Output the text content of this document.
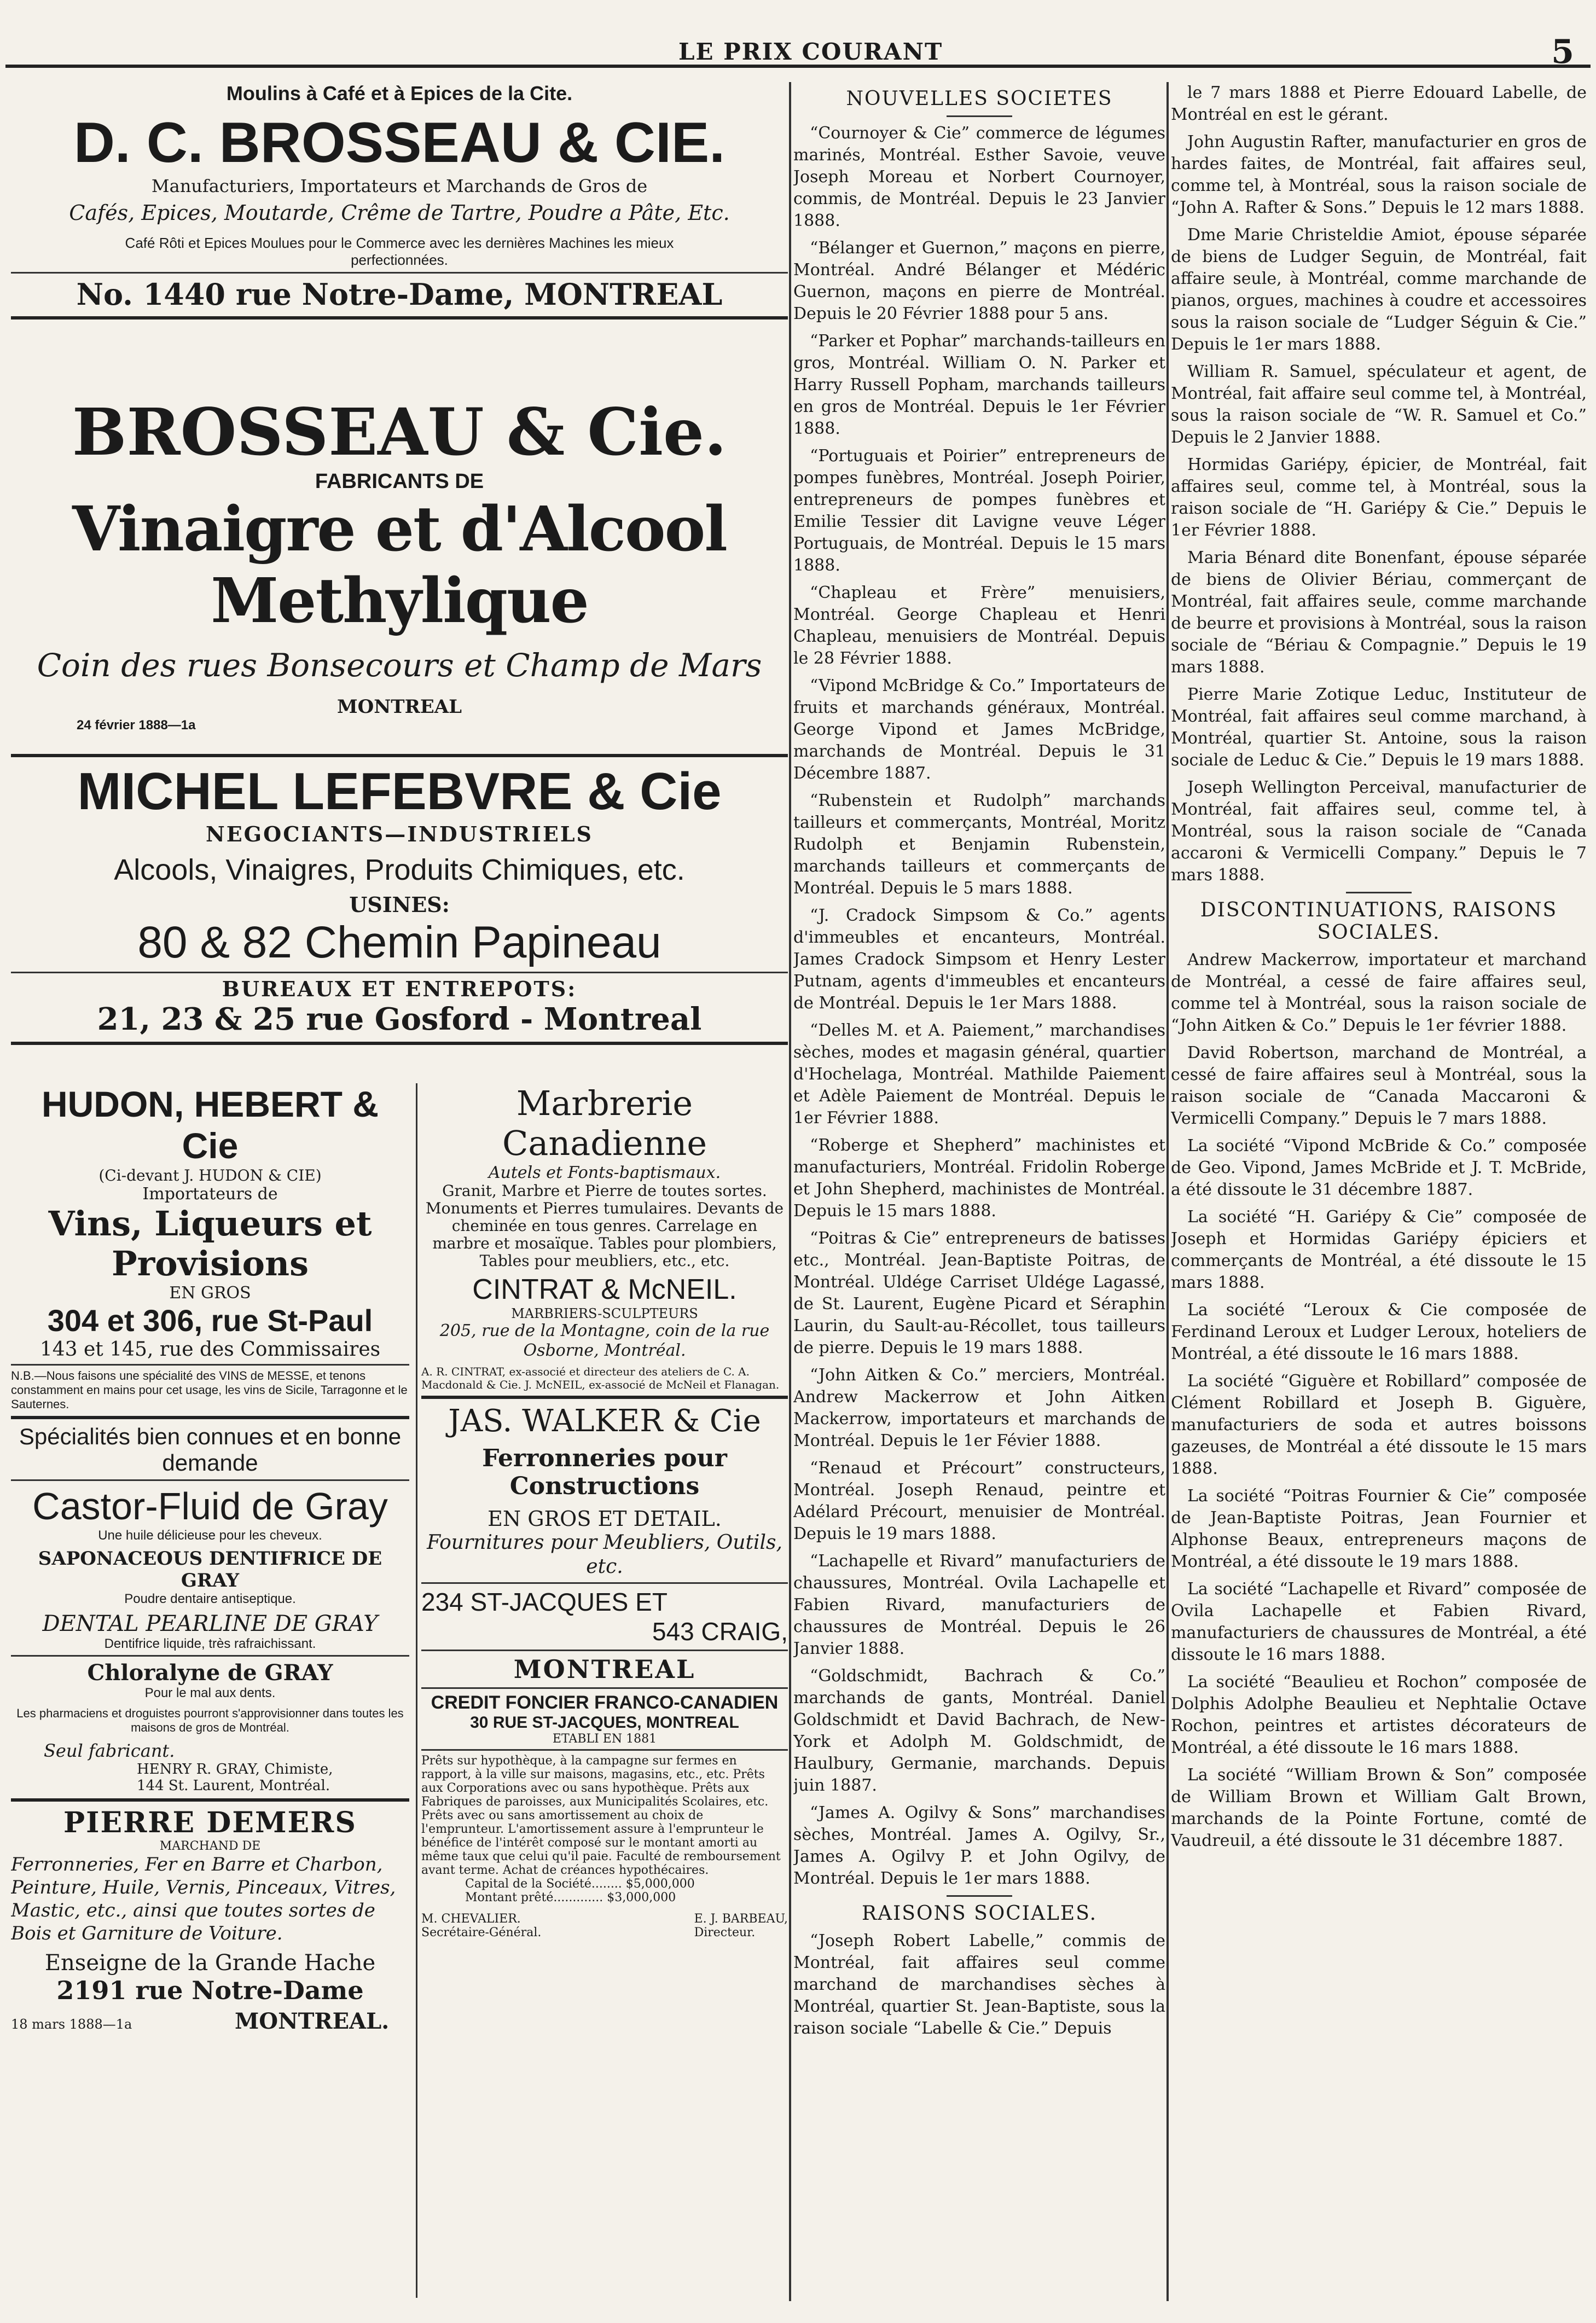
LE PRIX COURANT	5
Moulins à Café et à Epices de la Cite.
D. C. BROSSEAU & CIE.
Manufacturiers, Importateurs et Marchands de Gros de
Cafés, Epices, Moutarde, Crême de Tartre, Poudre a Pâte, Etc.
Café Rôti et Epices Moulues pour le Commerce avec les dernières Machines les mieux perfectionnées.
No. 1440 rue Notre-Dame, MONTREAL
BROSSEAU & Cie.
FABRICANTS DE
Vinaigre et d'Alcool Methylique
Coin des rues Bonsecours et Champ de Mars
MONTREAL
24 février 1888—1a
MICHEL LEFEBVRE & Cie
NEGOCIANTS—INDUSTRIELS
Alcools, Vinaigres, Produits Chimiques, etc.
USINES:
80 & 82 Chemin Papineau
BUREAUX ET ENTREPOTS:
21, 23 & 25 rue Gosford - Montreal
HUDON, HEBERT & Cie
(Ci-devant J. HUDON & CIE)
Importateurs de
Vins, Liqueurs et Provisions
EN GROS
304 et 306, rue St-Paul
143 et 145, rue des Commissaires
N.B.—Nous faisons une spécialité des VINS de MESSE, et tenons constamment en mains pour cet usage, les vins de Sicile, Tarragonne et le Sauternes.
Spécialités bien connues et en bonne demande
Castor-Fluid de Gray
Une huile délicieuse pour les cheveux.
SAPONACEOUS DENTIFRICE DE GRAY
Poudre dentaire antiseptique.
DENTAL PEARLINE DE GRAY
Dentifrice liquide, très rafraichissant.
Chloralyne de GRAY
Pour le mal aux dents.
Les pharmaciens et droguistes pourront s'approvisionner dans toutes les maisons de gros de Montréal.
Seul fabricant.
HENRY R. GRAY, Chimiste,
144 St. Laurent, Montréal.
PIERRE DEMERS
MARCHAND DE
Ferronneries, Fer en Barre et Charbon, Peinture, Huile, Vernis, Pinceaux, Vitres, Mastic, etc., ainsi que toutes sortes de Bois et Garniture de Voiture.
Enseigne de la Grande Hache
2191 rue Notre-Dame
18 mars 1888—1a	MONTREAL.
Marbrerie Canadienne
Autels et Fonts-baptismaux.
Granit, Marbre et Pierre de toutes sortes. Monuments et Pierres tumulaires. Devants de cheminée en tous genres. Carrelage en marbre et mosaïque. Tables pour plombiers, Tables pour meubliers, etc., etc.
CINTRAT & McNEIL.
MARBRIERS-SCULPTEURS
205, rue de la Montagne, coin de la rue Osborne, Montréal.
A. R. CINTRAT, ex-associé et directeur des ateliers de C. A. Macdonald & Cie. J. McNEIL, ex-associé de McNeil et Flanagan.
JAS. WALKER & Cie
Ferronneries pour Constructions
EN GROS ET DETAIL.
Fournitures pour Meubliers, Outils, etc.
234 ST-JACQUES ET
543 CRAIG,
MONTREAL
CREDIT FONCIER FRANCO-CANADIEN
30 RUE ST-JACQUES, MONTREAL
ETABLI EN 1881
Prêts sur hypothèque, à la campagne sur fermes en rapport, à la ville sur maisons, magasins, etc., etc. Prêts aux Corporations avec ou sans hypothèque. Prêts aux Fabriques de paroisses, aux Municipalités Scolaires, etc. Prêts avec ou sans amortissement au choix de l'emprunteur. L'amortissement assure à l'emprunteur le bénéfice de l'intérêt composé sur le montant amorti au même taux que celui qu'il paie. Faculté de remboursement avant terme. Achat de créances hypothécaires.
Capital de la Société........ $5,000,000
Montant prêté............. $3,000,000
M. CHEVALIER.
Secrétaire-Général.
E. J. BARBEAU,
Directeur.
NOUVELLES SOCIETES

“Cournoyer & Cie” commerce de légumes marinés, Montréal. Esther Savoie, veuve Joseph Moreau et Norbert Cournoyer, commis, de Montréal. Depuis le 23 Janvier 1888.

“Bélanger et Guernon,” maçons en pierre, Montréal. André Bélanger et Médéric Guernon, maçons en pierre de Montréal. Depuis le 20 Février 1888 pour 5 ans.

“Parker et Pophar” marchands-tailleurs en gros, Montréal. William O. N. Parker et Harry Russell Popham, marchands tailleurs en gros de Montréal. Depuis le 1er Février 1888.

“Portuguais et Poirier” entrepreneurs de pompes funèbres, Montréal. Joseph Poirier, entrepreneurs de pompes funèbres et Emilie Tessier dit Lavigne veuve Léger Portuguais, de Montréal. Depuis le 15 mars 1888.

“Chapleau et Frère” menuisiers, Montréal. George Chapleau et Henri Chapleau, menuisiers de Montréal. Depuis le 28 Février 1888.

“Vipond McBridge & Co.” Importateurs de fruits et marchands généraux, Montréal. George Vipond et James McBridge, marchands de Montréal. Depuis le 31 Décembre 1887.

“Rubenstein et Rudolph” marchands tailleurs et commerçants, Montréal, Moritz Rudolph et Benjamin Rubenstein, marchands tailleurs et commerçants de Montréal. Depuis le 5 mars 1888.

“J. Cradock Simpsom & Co.” agents d'immeubles et encanteurs, Montréal. James Cradock Simpsom et Henry Lester Putnam, agents d'immeubles et encanteurs de Montréal. Depuis le 1er Mars 1888.

“Delles M. et A. Paiement,” marchandises sèches, modes et magasin général, quartier d'Hochelaga, Montréal. Mathilde Paiement et Adèle Paiement de Montréal. Depuis le 1er Février 1888.

“Roberge et Shepherd” machinistes et manufacturiers, Montréal. Fridolin Roberge et John Shepherd, machinistes de Montréal. Depuis le 15 mars 1888.

“Poitras & Cie” entrepreneurs de batisses etc., Montréal. Jean-Baptiste Poitras, de Montréal. Uldége Carriset Uldége Lagassé, de St. Laurent, Eugène Picard et Séraphin Laurin, du Sault-au-Récollet, tous tailleurs de pierre. Depuis le 19 mars 1888.

“John Aitken & Co.” merciers, Montréal. Andrew Mackerrow et John Aitken Mackerrow, importateurs et marchands de Montréal. Depuis le 1er Févier 1888.

“Renaud et Précourt” constructeurs, Montréal. Joseph Renaud, peintre et Adélard Précourt, menuisier de Montréal. Depuis le 19 mars 1888.

“Lachapelle et Rivard” manufacturiers de chaussures, Montréal. Ovila Lachapelle et Fabien Rivard, manufacturiers de chaussures de Montréal. Depuis le 26 Janvier 1888.

“Goldschmidt, Bachrach & Co.” marchands de gants, Montréal. Daniel Goldschmidt et David Bachrach, de New-York et Adolph M. Goldschmidt, de Haulbury, Germanie, marchands. Depuis juin 1887.

“James A. Ogilvy & Sons” marchandises sèches, Montréal. James A. Ogilvy, Sr., James A. Ogilvy P. et John Ogilvy, de Montréal. Depuis le 1er mars 1888.

RAISONS SOCIALES.

“Joseph Robert Labelle,” commis de Montréal, fait affaires seul comme marchand de marchandises sèches à Montréal, quartier St. Jean-Baptiste, sous la raison sociale “Labelle & Cie.” Depuis

le 7 mars 1888 et Pierre Edouard Labelle, de Montréal en est le gérant.

John Augustin Rafter, manufacturier en gros de hardes faites, de Montréal, fait affaires seul, comme tel, à Montréal, sous la raison sociale de “John A. Rafter & Sons.” Depuis le 12 mars 1888.

Dme Marie Christeldie Amiot, épouse séparée de biens de Ludger Seguin, de Montréal, fait affaire seule, à Montréal, comme marchande de pianos, orgues, machines à coudre et accessoires sous la raison sociale de “Ludger Séguin & Cie.” Depuis le 1er mars 1888.

William R. Samuel, spéculateur et agent, de Montréal, fait affaire seul comme tel, à Montréal, sous la raison sociale de “W. R. Samuel et Co.” Depuis le 2 Janvier 1888.

Hormidas Gariépy, épicier, de Montréal, fait affaires seul, comme tel, à Montréal, sous la raison sociale de “H. Gariépy & Cie.” Depuis le 1er Février 1888.

Maria Bénard dite Bonenfant, épouse séparée de biens de Olivier Bériau, commerçant de Montréal, fait affaires seule, comme marchande de beurre et provisions à Montréal, sous la raison sociale de “Bériau & Compagnie.” Depuis le 19 mars 1888.

Pierre Marie Zotique Leduc, Instituteur de Montréal, fait affaires seul comme marchand, à Montréal, quartier St. Antoine, sous la raison sociale de Leduc & Cie.” Depuis le 19 mars 1888.

Joseph Wellington Perceival, manufacturier de Montréal, fait affaires seul, comme tel, à Montréal, sous la raison sociale de “Canada accaroni & Vermicelli Company.” Depuis le 7 mars 1888.

DISCONTINUATIONS, RAISONS SOCIALES.

Andrew Mackerrow, importateur et marchand de Montréal, a cessé de faire affaires seul, comme tel à Montréal, sous la raison sociale de “John Aitken & Co.” Depuis le 1er février 1888.

David Robertson, marchand de Montréal, a cessé de faire affaires seul à Montréal, sous la raison sociale de “Canada Maccaroni & Vermicelli Company.” Depuis le 7 mars 1888.

La société “Vipond McBride & Co.” composée de Geo. Vipond, James McBride et J. T. McBride, a été dissoute le 31 décembre 1887.

La société “H. Gariépy & Cie” composée de Joseph et Hormidas Gariépy épiciers et commerçants de Montréal, a été dissoute le 15 mars 1888.

La société “Leroux & Cie composée de Ferdinand Leroux et Ludger Leroux, hoteliers de Montréal, a été dissoute le 16 mars 1888.

La société “Giguère et Robillard” composée de Clément Robillard et Joseph B. Giguère, manufacturiers de soda et autres boissons gazeuses, de Montréal a été dissoute le 15 mars 1888.

La société “Poitras Fournier & Cie” composée de Jean-Baptiste Poitras, Jean Fournier et Alphonse Beaux, entrepreneurs maçons de Montréal, a été dissoute le 19 mars 1888.

La société “Lachapelle et Rivard” composée de Ovila Lachapelle et Fabien Rivard, manufacturiers de chaussures de Montréal, a été dissoute le 16 mars 1888.

La société “Beaulieu et Rochon” composée de Dolphis Adolphe Beaulieu et Nephtalie Octave Rochon, peintres et artistes décorateurs de Montréal, a été dissoute le 16 mars 1888.

La société “William Brown & Son” composée de William Brown et William Galt Brown, marchands de la Pointe Fortune, comté de Vaudreuil, a été dissoute le 31 décembre 1887.
